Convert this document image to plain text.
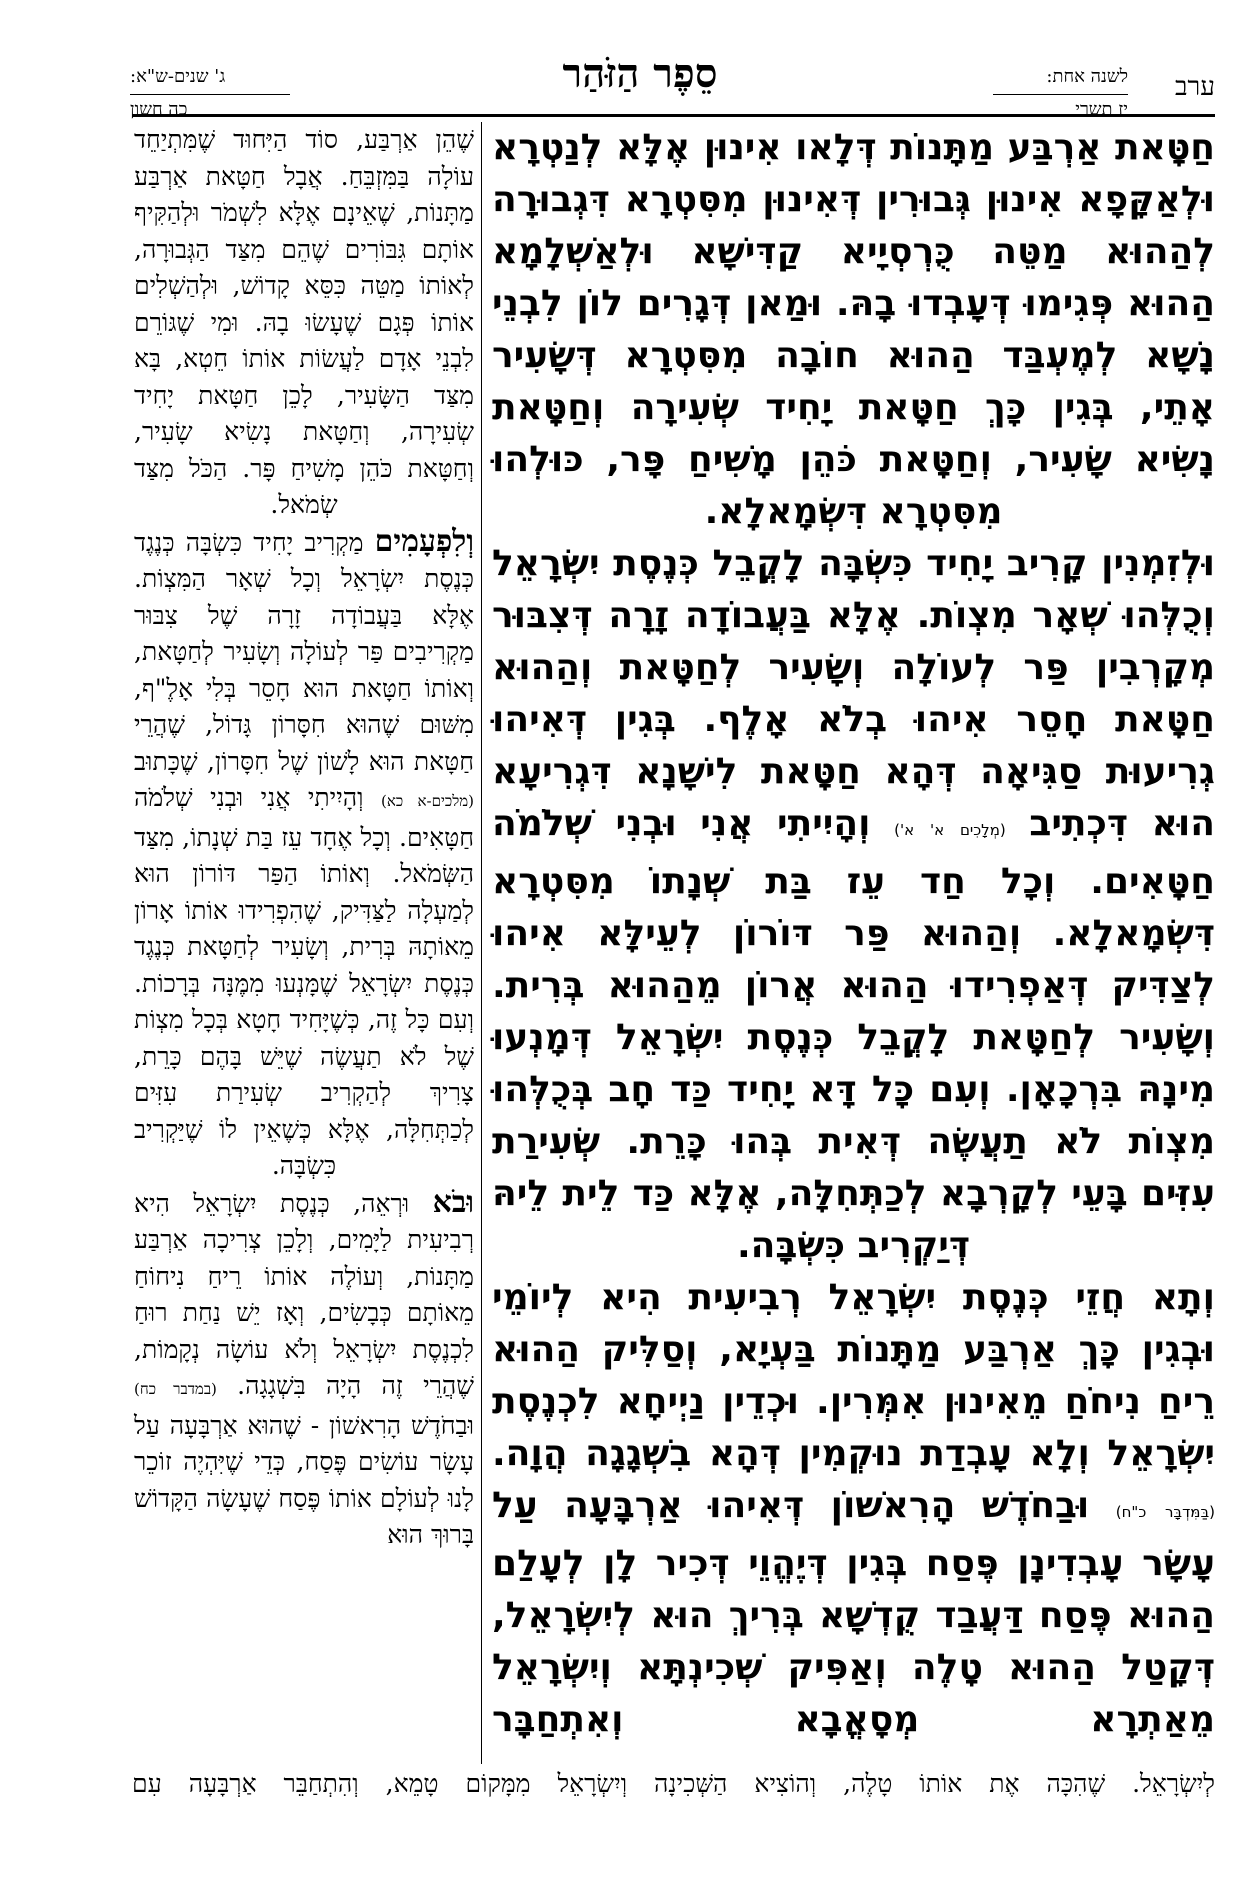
ערב
לשנה אחת:
יז תשרי
סֵפֶר הַזֹּהַר
ג' שנים-ש"א:
כה חשון

חַטָּאת אַרְבַּע מַתָּנוֹת דְּלָאו אִינוּן אֶלָּא לְנַטְרָא וּלְאַקָּפָא אִינוּן גְּבוּרִין דְּאִינוּן מִסִּטְרָא דִּגְבוּרָה לְהַהוּא מַטֵּה כֻּרְסְיָיא קַדִּישָׁא וּלְאַשְׁלָמָא הַהוּא פְּגִימוּ דְּעָבְדוּ בָהּ. וּמַאן דְּגָרִים לוֹן לִבְנֵי נָשָׁא לְמֶעְבַּד הַהוּא חוֹבָה מִסִּטְרָא דְּשָׂעִיר אָתֵי, בְּגִין כָּךְ חַטָּאת יָחִיד שְׂעִירָה וְחַטָּאת נָשִׂיא שָׂעִיר, וְחַטָּאת כֹּהֵן מָשִׁיחַ פָּר, כּוּלְהוּ מִסִּטְרָא דִּשְׂמָאלָא.

וּלְזִמְנִין קָרִיב יָחִיד כִּשְׂבָּה לָקֳבֵל כְּנֶסֶת יִשְׂרָאֵל וְכֻלְּהוּ שְׁאָר מִצְוֹת. אֶלָּא בַּעֲבוֹדָה זָרָה דְּצִבּוּר מְקָרְבִין פַּר לְעוֹלָה וְשָׂעִיר לְחַטָּאת וְהַהוּא חַטָּאת חָסֵר אִיהוּ בְלֹא אָלֶף. בְּגִין דְּאִיהוּ גְרִיעוּת סַגִּיאָה דְּהָא חַטָּאת לִישָׁנָא דִּגְרִיעָא הוּא דִּכְתִיב (מְלָכִים א' א') וְהָיִיתִי אֲנִי וּבְנִי שְׁלֹמֹה חַטָּאִים. וְכָל חַד עֵז בַּת שְׁנָתוֹ מִסִּטְרָא דִּשְׂמָאלָא. וְהַהוּא פַּר דּוֹרוֹן לְעֵילָּא אִיהוּ לְצַדִּיק דְּאַפְרִידוּ הַהוּא אֲרוֹן מֵהַהוּא בְּרִית. וְשָׂעִיר לְחַטָּאת לָקֳבֵל כְּנֶסֶת יִשְׂרָאֵל דְּמָנְעוּ מִינָהּ בִּרְכָאָן. וְעִם כָּל דָּא יָחִיד כַּד חָב בְּכֻלְּהוּ מִצְוֹת לֹא תַעֲשֶׂה דְּאִית בְּהוּ כָּרֵת. שְׂעִירַת עִזִּים בָּעֵי לְקָרְבָא לְכַתְּחִלָּה, אֶלָּא כַּד לֵית לֵיהּ דְּיַקְרִיב כִּשְׂבָּה.

וְתָא חֲזֵי כְּנֶסֶת יִשְׂרָאֵל רְבִיעִית הִיא לְיוֹמֵי וּבְגִין כָּךְ אַרְבַּע מַתָּנוֹת בַּעְיָא, וְסַלִּיק הַהוּא רֵיחַ נִיחֹחַ מֵאִינוּן אִמְּרִין. וּכְדֵין נַיְיחָא לִכְנֶסֶת יִשְׂרָאֵל וְלָא עָבְדַת נוּקְמִין דְּהָא בִשְׁגָגָה הֲוָה. (בַּמִּדְבָּר כ"ח) וּבַחֹדֶשׁ הָרִאשׁוֹן דְּאִיהוּ אַרְבָּעָה עַל עָשָׂר עָבְדִינָן פֶּסַח בְּגִין דְּיֶהֱוֵי דְּכִיר לָן לְעָלַם הַהוּא פֶּסַח דַּעֲבַד קֻדְשָׁא בְּרִיךְ הוּא לְיִשְׂרָאֵל, דְּקָטַל הַהוּא טָלֶה וְאַפִּיק שְׁכִינְתָּא וְיִשְׂרָאֵל מֵאַתְרָא מְסָאֳבָא וְאִתְחַבָּר

שֶׁהֵן אַרְבַּע, סוֹד הַיִּחוּד שֶׁמִּתְיַחֵד עוֹלָה בַּמִּזְבֵּחַ. אֲבָל חַטָּאת אַרְבַּע מַתָּנוֹת, שֶׁאֵינָם אֶלָּא לִשְׁמֹר וּלְהַקִּיף אוֹתָם גִּבּוֹרִים שֶׁהֵם מִצַּד הַגְּבוּרָה, לְאוֹתוֹ מַטֵּה כִּסֵּא קָדוֹשׁ, וּלְהַשְׁלִים אוֹתוֹ פְּגָם שֶׁעָשׂוּ בָהּ. וּמִי שֶׁגּוֹרֵם לִבְנֵי אָדָם לַעֲשׂוֹת אוֹתוֹ חֵטְא, בָּא מִצַּד הַשָּׂעִיר, לָכֵן חַטָּאת יָחִיד שְׂעִירָה, וְחַטָּאת נָשִׂיא שָׂעִיר, וְחַטָּאת כֹּהֵן מָשִׁיחַ פָּר. הַכֹּל מִצַּד שְׂמֹאל.

וְלִפְעָמִים מַקְרִיב יָחִיד כִּשְׂבָּה כְּנֶגֶד כְּנֶסֶת יִשְׂרָאֵל וְכָל שְׁאָר הַמִּצְוֹת. אֶלָּא בַּעֲבוֹדָה זָרָה שֶׁל צִבּוּר מַקְרִיבִים פַּר לְעוֹלָה וְשָׂעִיר לְחַטָּאת, וְאוֹתוֹ חַטָּאת הוּא חָסֵר בְּלִי אָלֶ"ף, מִשּׁוּם שֶׁהוּא חִסָּרוֹן גָּדוֹל, שֶׁהֲרֵי חַטָּאת הוּא לָשׁוֹן שֶׁל חִסָּרוֹן, שֶׁכָּתוּב (מלכים-א כא) וְהָיִיתִי אֲנִי וּבְנִי שְׁלֹמֹה חַטָּאִים. וְכָל אֶחָד עֵז בַּת שְׁנָתוֹ, מִצַּד הַשְּׂמֹאל. וְאוֹתוֹ הַפַּר דּוֹרוֹן הוּא לְמַעְלָה לַצַּדִּיק, שֶׁהִפְרִידוּ אוֹתוֹ אָרוֹן מֵאוֹתָהּ בְּרִית, וְשָׂעִיר לְחַטָּאת כְּנֶגֶד כְּנֶסֶת יִשְׂרָאֵל שֶׁמָּנְעוּ מִמֶּנָּה בְּרָכוֹת. וְעִם כָּל זֶה, כְּשֶׁיָּחִיד חָטָא בְּכָל מִצְוֹת שֶׁל לֹא תַעֲשֶׂה שֶׁיֵּשׁ בָּהֶם כָּרֵת, צָרִיךְ לְהַקְרִיב שְׂעִירַת עִזִּים לְכַתְּחִלָּה, אֶלָּא כְּשֶׁאֵין לוֹ שֶׁיַּקְרִיב כִּשְׂבָּה.

וּבֹא וּרְאֵה, כְּנֶסֶת יִשְׂרָאֵל הִיא רְבִיעִית לַיָּמִים, וְלָכֵן צְרִיכָה אַרְבַּע מַתָּנוֹת, וְעוֹלֶה אוֹתוֹ רֵיחַ נִיחוֹחַ מֵאוֹתָם כְּבָשִׂים, וְאָז יֵשׁ נַחַת רוּחַ לִכְנֶסֶת יִשְׂרָאֵל וְלֹא עוֹשָׂה נְקָמוֹת, שֶׁהֲרֵי זֶה הָיָה בִּשְׁגָגָה. (במדבר כח) וּבַחֹדֶשׁ הָרִאשׁוֹן - שֶׁהוּא אַרְבָּעָה עַל עָשָׂר עוֹשִׂים פֶּסַח, כְּדֵי שֶׁיִּהְיֶה זוֹכֵר לָנוּ לְעוֹלָם אוֹתוֹ פֶּסַח שֶׁעָשָׂה הַקָּדוֹשׁ בָּרוּךְ הוּא

לְיִשְׂרָאֵל. שֶׁהִכָּה אֶת אוֹתוֹ טָלֶה, וְהוֹצִיא הַשְּׁכִינָה וְיִשְׂרָאֵל מִמָּקוֹם טָמֵא, וְהִתְחַבֵּר אַרְבָּעָה עִם
